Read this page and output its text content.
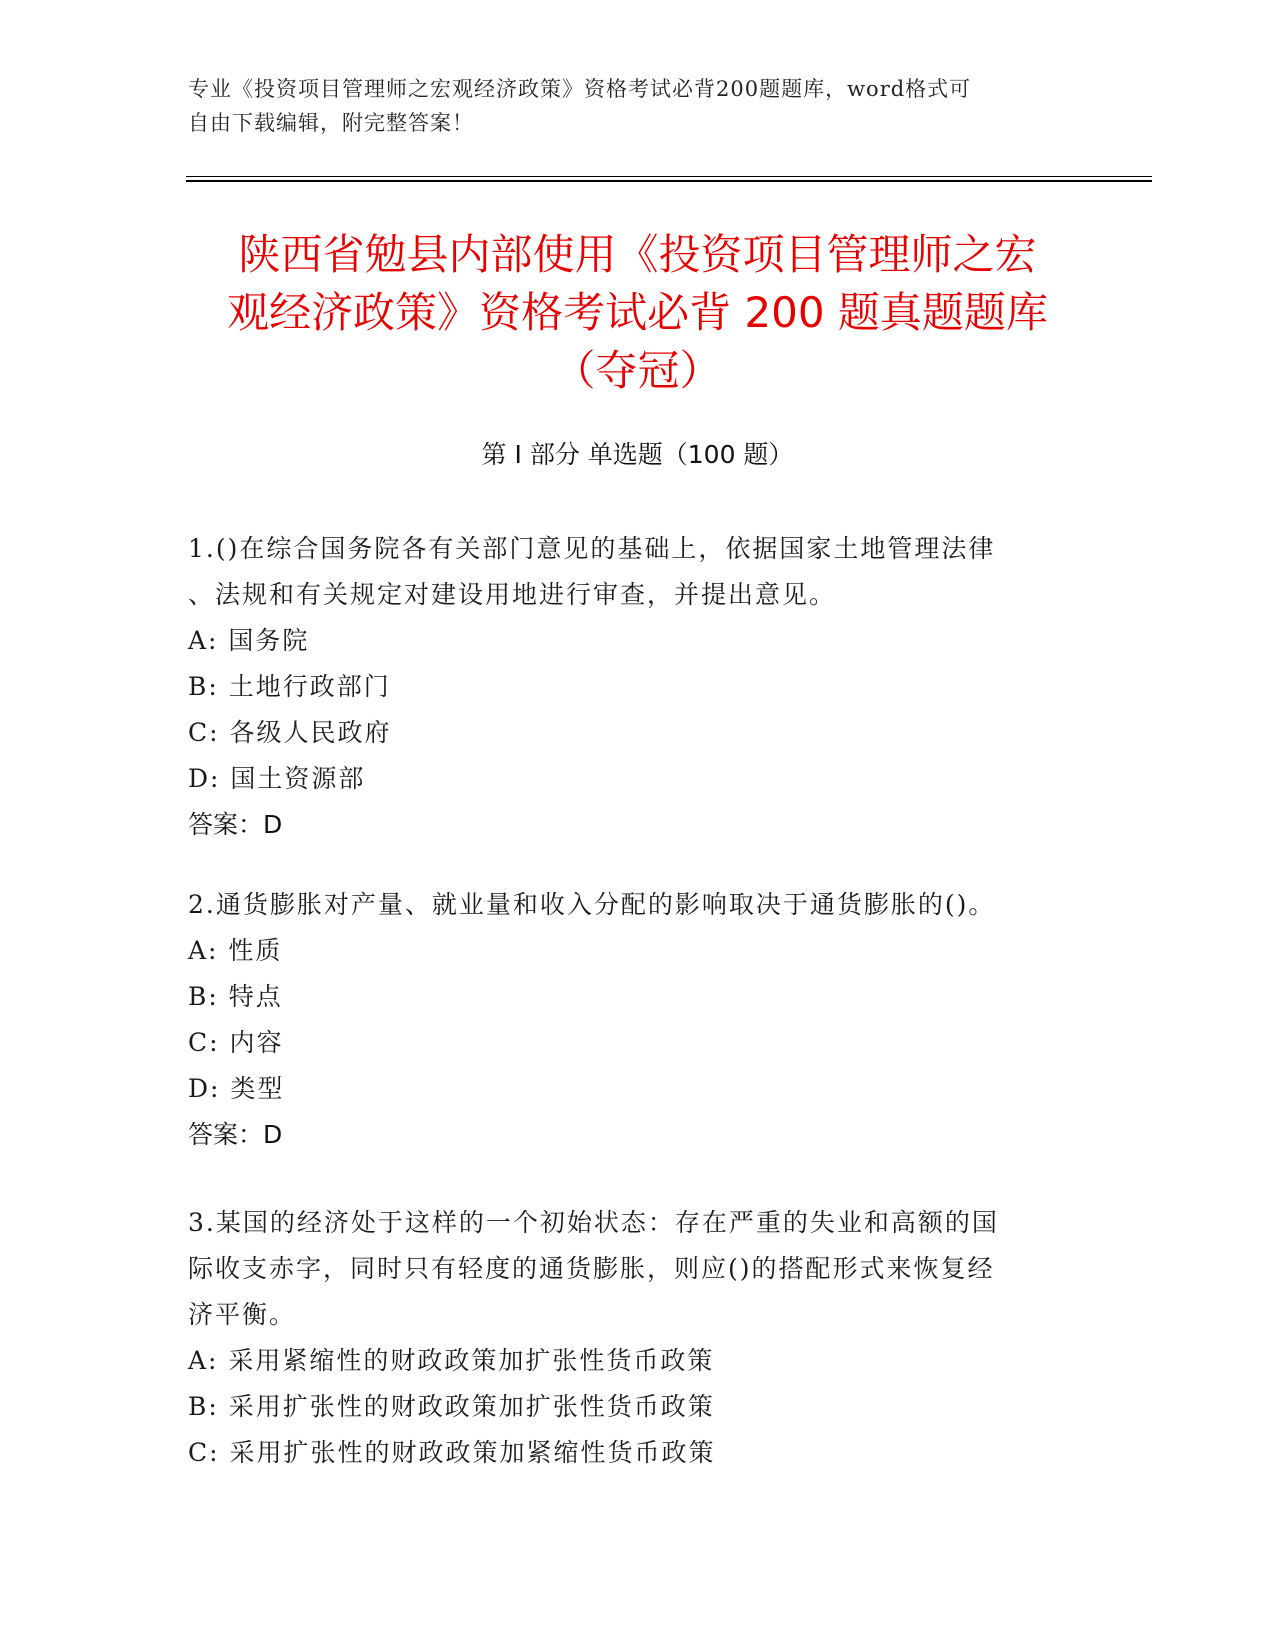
专业《投资项目管理师之宏观经济政策》资格考试必背200题题库，word格式可
自由下载编辑，附完整答案！
陕西省勉县内部使用《投资项目管理师之宏
观经济政策》资格考试必背 200 题真题题库
（夺冠）
第 I 部分 单选题（100 题）
1.()在综合国务院各有关部门意见的基础上，依据国家土地管理法律
、法规和有关规定对建设用地进行审查，并提出意见。
A: 国务院
B: 土地行政部门
C: 各级人民政府
D: 国土资源部
答案：D
2.通货膨胀对产量、就业量和收入分配的影响取决于通货膨胀的()。
A: 性质
B: 特点
C: 内容
D: 类型
答案：D
3.某国的经济处于这样的一个初始状态：存在严重的失业和高额的国
际收支赤字，同时只有轻度的通货膨胀，则应()的搭配形式来恢复经
济平衡。
A: 采用紧缩性的财政政策加扩张性货币政策
B: 采用扩张性的财政政策加扩张性货币政策
C: 采用扩张性的财政政策加紧缩性货币政策
